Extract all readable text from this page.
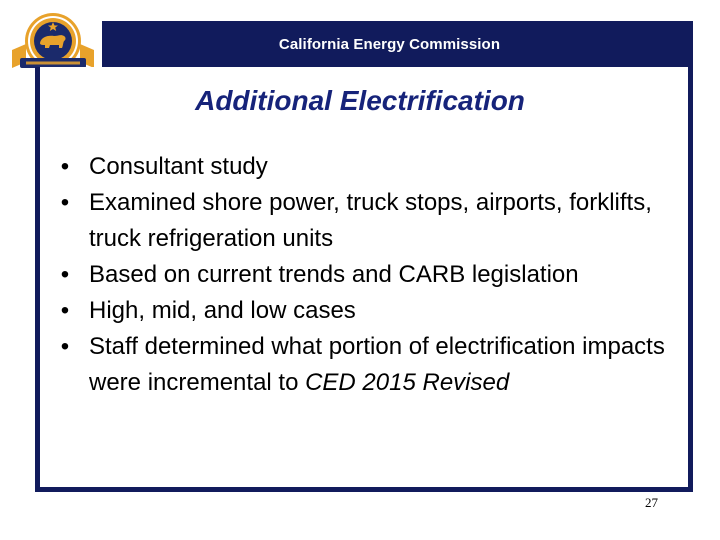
California Energy Commission
Additional Electrification
• Consultant study
• Examined shore power, truck stops, airports, forklifts, truck refrigeration units
• Based on current trends and CARB legislation
• High, mid, and low cases
• Staff determined what portion of electrification impacts were incremental to CED 2015 Revised
27
